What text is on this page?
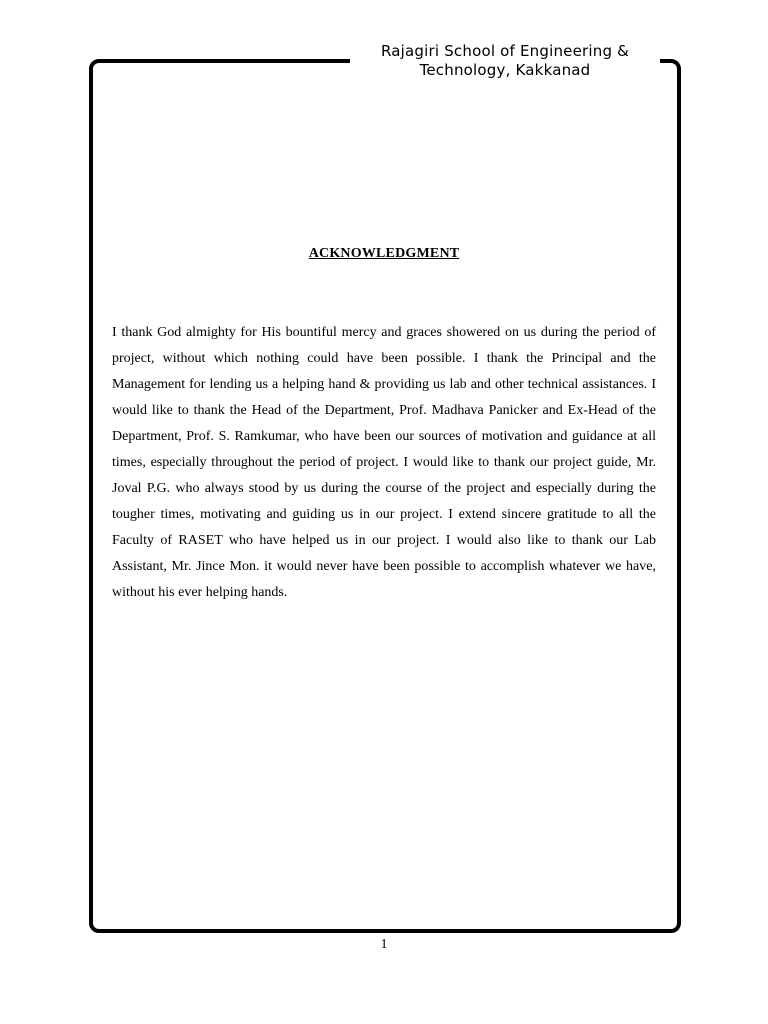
Rajagiri School of Engineering &
Technology, Kakkanad
ACKNOWLEDGMENT

I thank God almighty for His bountiful mercy and graces showered on us during the period of project, without which nothing could have been possible. I thank the Principal and the Management for lending us a helping hand & providing us lab and other technical assistances. I would like to thank the Head of the Department, Prof. Madhava Panicker and Ex-Head of the Department, Prof. S. Ramkumar, who have been our sources of motivation and guidance at all times, especially throughout the period of project. I would like to thank our project guide, Mr. Joval P.G. who always stood by us during the course of the project and especially during the tougher times, motivating and guiding us in our project. I extend sincere gratitude to all the Faculty of RASET who have helped us in our project. I would also like to thank our Lab Assistant, Mr. Jince Mon. it would never have been possible to accomplish whatever we have, without his ever helping hands.

1
